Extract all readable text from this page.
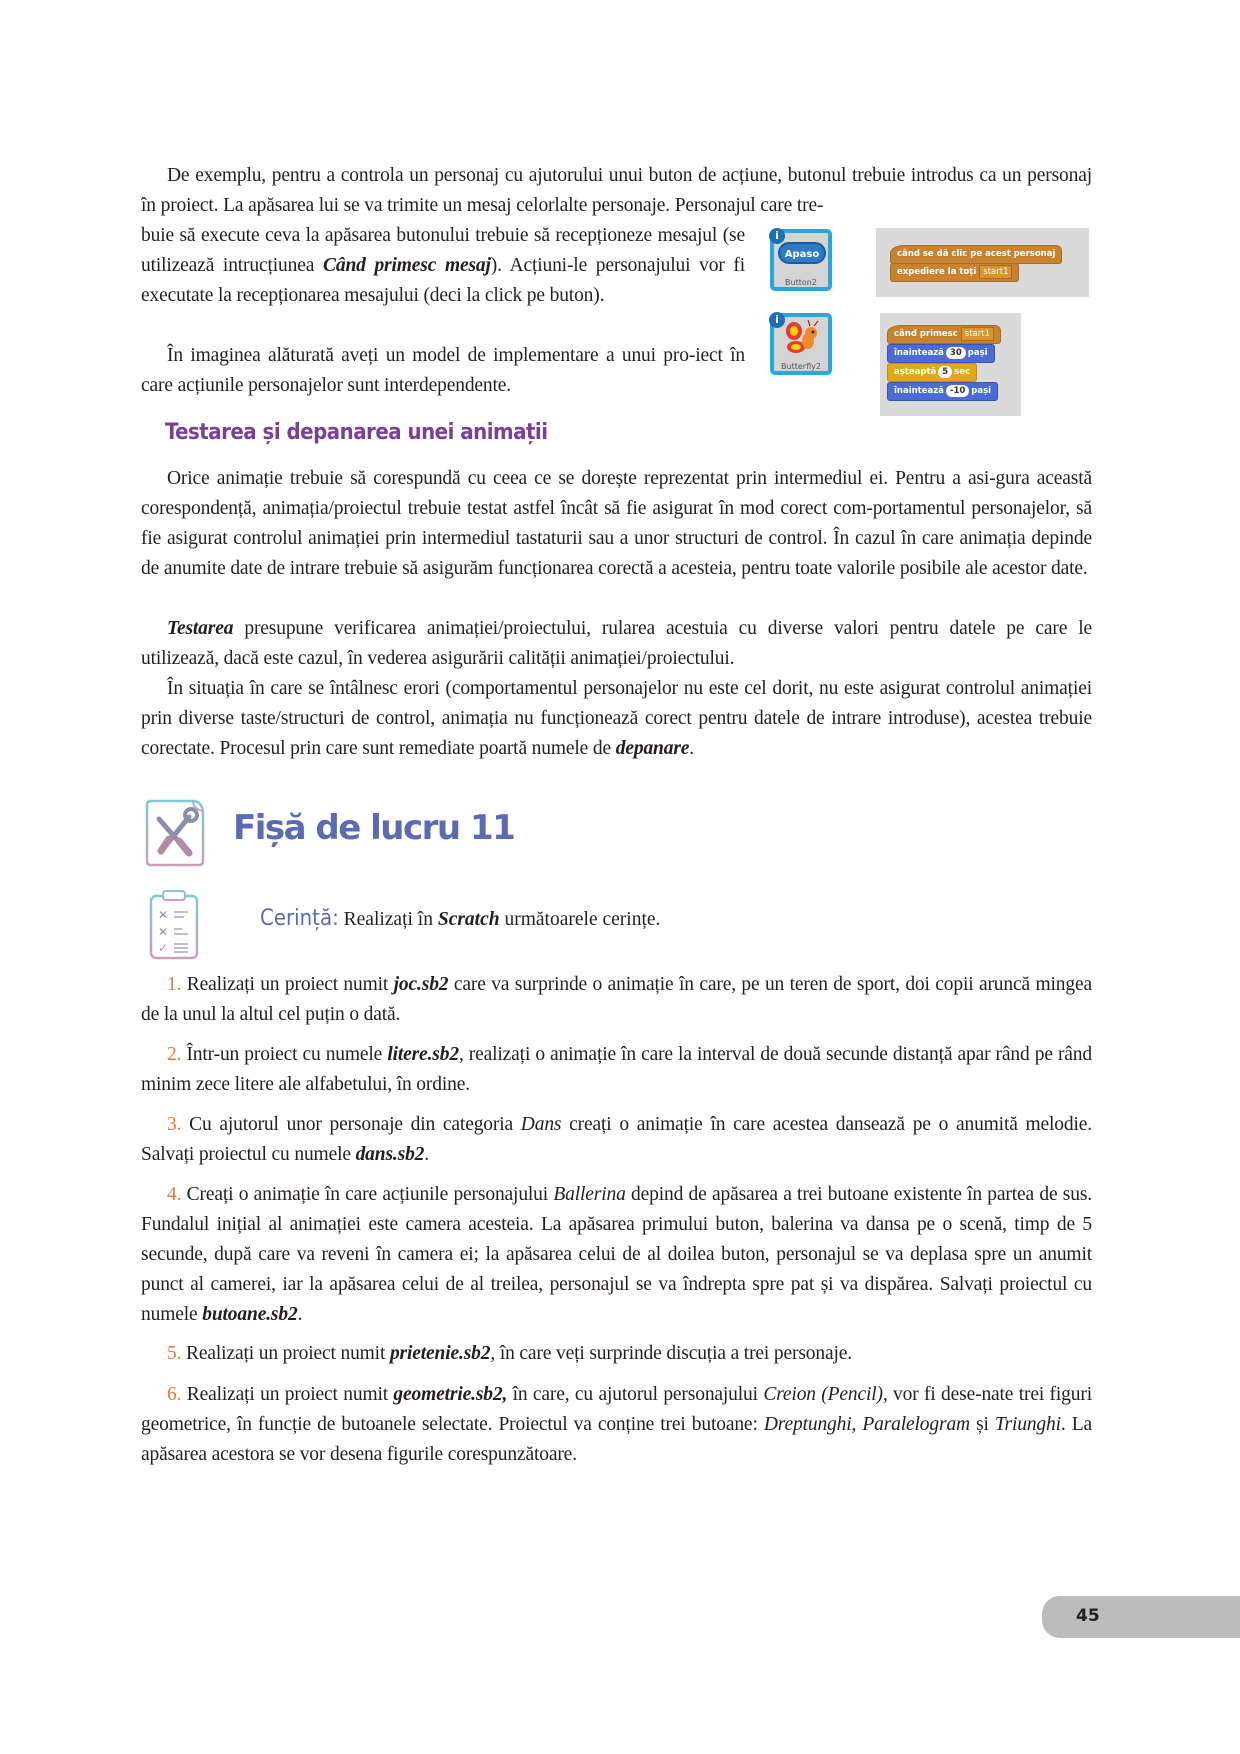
De exemplu, pentru a controla un personaj cu ajutorului unui buton de acțiune, butonul trebuie introdus ca un personaj în proiect. La apăsarea lui se va trimite un mesaj celorlalte personaje. Personajul care tre-

buie să execute ceva la apăsarea butonului trebuie să recepționeze mesajul (se utilizează intrucțiunea Când primesc mesaj). Acțiuni-le personajului vor fi executate la recepționarea mesajului (deci la click pe buton).

În imaginea alăturată aveți un model de implementare a unui pro-iect în care acțiunile personajelor sunt interdependente.

i
Apaso
Button2
când se dă clic pe acest personaj
expediere la toți start1
i
Butterfly2
când primesc start1
înaintează 30 pași
așteaptă 5 sec
înaintează -10 pași
Testarea și depanarea unei animații

Orice animație trebuie să corespundă cu ceea ce se dorește reprezentat prin intermediul ei. Pentru a asi-gura această corespondență, animația/proiectul trebuie testat astfel încât să fie asigurat în mod corect com-portamentul personajelor, să fie asigurat controlul animației prin intermediul tastaturii sau a unor structuri de control. În cazul în care animația depinde de anumite date de intrare trebuie să asigurăm funcționarea corectă a acesteia, pentru toate valorile posibile ale acestor date.

Testarea presupune verificarea animației/proiectului, rularea acestuia cu diverse valori pentru datele pe care le utilizează, dacă este cazul, în vederea asigurării calității animației/proiectului.

În situația în care se întâlnesc erori (comportamentul personajelor nu este cel dorit, nu este asigurat controlul animației prin diverse taste/structuri de control, animația nu funcționează corect pentru datele de intrare introduse), acestea trebuie corectate. Procesul prin care sunt remediate poartă numele de depanare.

Fișă de lucru 11
✕
✕
✓

Cerință: Realizați în Scratch următoarele cerințe.

1. Realizați un proiect numit joc.sb2 care va surprinde o animație în care, pe un teren de sport, doi copii aruncă mingea de la unul la altul cel puțin o dată.

2. Într-un proiect cu numele litere.sb2, realizați o animație în care la interval de două secunde distanță apar rând pe rând minim zece litere ale alfabetului, în ordine.

3. Cu ajutorul unor personaje din categoria Dans creați o animație în care acestea dansează pe o anumită melodie. Salvați proiectul cu numele dans.sb2.

4. Creați o animație în care acțiunile personajului Ballerina depind de apăsarea a trei butoane existente în partea de sus. Fundalul inițial al animației este camera acesteia. La apăsarea primului buton, balerina va dansa pe o scenă, timp de 5 secunde, după care va reveni în camera ei; la apăsarea celui de al doilea buton, personajul se va deplasa spre un anumit punct al camerei, iar la apăsarea celui de al treilea, personajul se va îndrepta spre pat și va dispărea. Salvați proiectul cu numele butoane.sb2.

5. Realizați un proiect numit prietenie.sb2, în care veți surprinde discuția a trei personaje.

6. Realizați un proiect numit geometrie.sb2, în care, cu ajutorul personajului Creion (Pencil), vor fi dese-nate trei figuri geometrice, în funcție de butoanele selectate. Proiectul va conține trei butoane: Dreptunghi, Paralelogram și Triunghi. La apăsarea acestora se vor desena figurile corespunzătoare.

45
